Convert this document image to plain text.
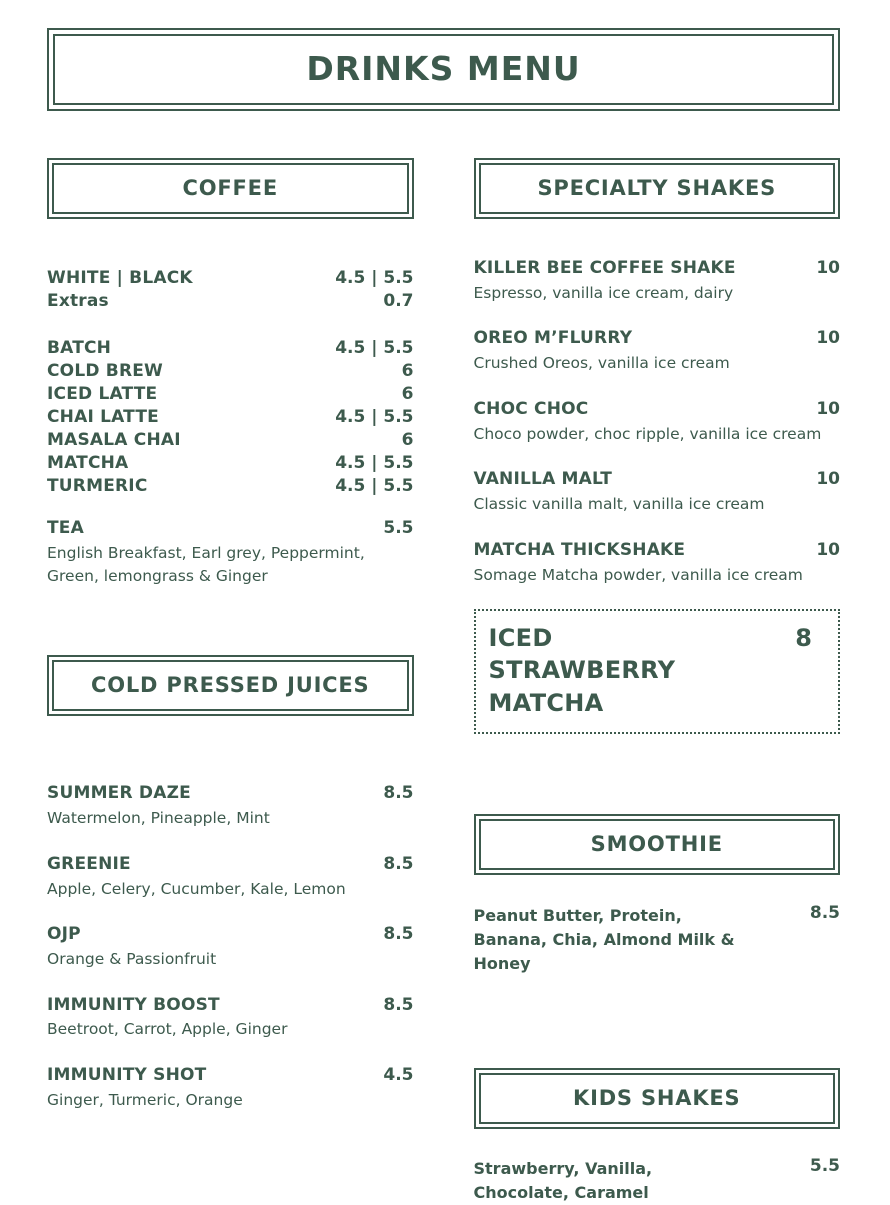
DRINKS MENU
COFFEE
WHITE | BLACK	4.5 | 5.5
Extras	0.7
BATCH	4.5 | 5.5
COLD BREW	6
ICED LATTE	6
CHAI LATTE	4.5 | 5.5
MASALA CHAI	6
MATCHA	4.5 | 5.5
TURMERIC	4.5 | 5.5
TEA	5.5
English Breakfast, Earl grey, Peppermint, Green, lemongrass & Ginger
COLD PRESSED JUICES
SUMMER DAZE	8.5
Watermelon, Pineapple, Mint
GREENIE	8.5
Apple, Celery, Cucumber, Kale, Lemon
OJP	8.5
Orange & Passionfruit
IMMUNITY BOOST	8.5
Beetroot, Carrot, Apple, Ginger
IMMUNITY SHOT	4.5
Ginger, Turmeric, Orange
SPECIALTY SHAKES
KILLER BEE COFFEE SHAKE	10
Espresso, vanilla ice cream, dairy
OREO M’FLURRY	10
Crushed Oreos, vanilla ice cream
CHOC CHOC	10
Choco powder, choc ripple, vanilla ice cream
VANILLA MALT	10
Classic vanilla malt, vanilla ice cream
MATCHA THICKSHAKE	10
Somage Matcha powder, vanilla ice cream
ICED STRAWBERRY MATCHA
8
SMOOTHIE
Peanut Butter, Protein, Banana, Chia, Almond Milk & Honey
8.5
KIDS SHAKES
Strawberry, Vanilla, Chocolate, Caramel
5.5
